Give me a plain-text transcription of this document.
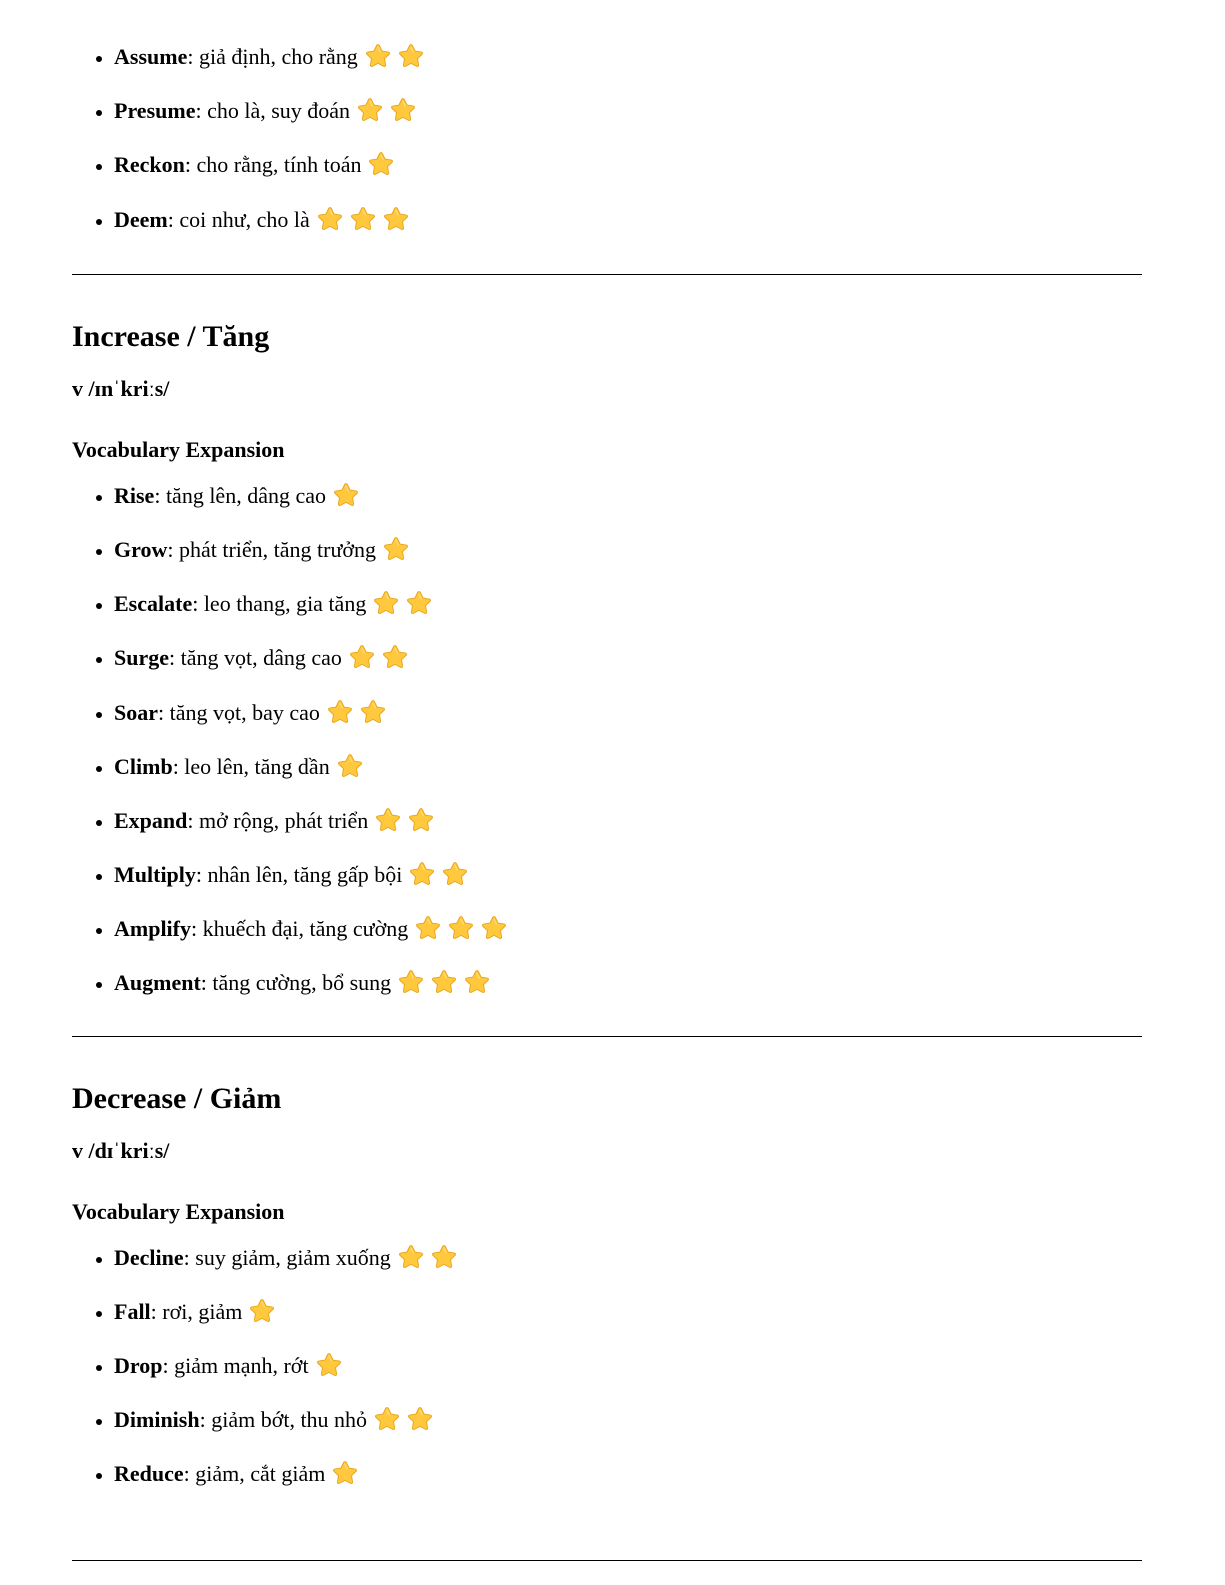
• Assume: giả định, cho rằng
• Presume: cho là, suy đoán
• Reckon: cho rằng, tính toán
• Deem: coi như, cho là
Increase / Tăng

v /ɪnˈkriːs/

Vocabulary Expansion
• Rise: tăng lên, dâng cao
• Grow: phát triển, tăng trưởng
• Escalate: leo thang, gia tăng
• Surge: tăng vọt, dâng cao
• Soar: tăng vọt, bay cao
• Climb: leo lên, tăng dần
• Expand: mở rộng, phát triển
• Multiply: nhân lên, tăng gấp bội
• Amplify: khuếch đại, tăng cường
• Augment: tăng cường, bổ sung
Decrease / Giảm

v /dɪˈkriːs/

Vocabulary Expansion
• Decline: suy giảm, giảm xuống
• Fall: rơi, giảm
• Drop: giảm mạnh, rớt
• Diminish: giảm bớt, thu nhỏ
• Reduce: giảm, cắt giảm
